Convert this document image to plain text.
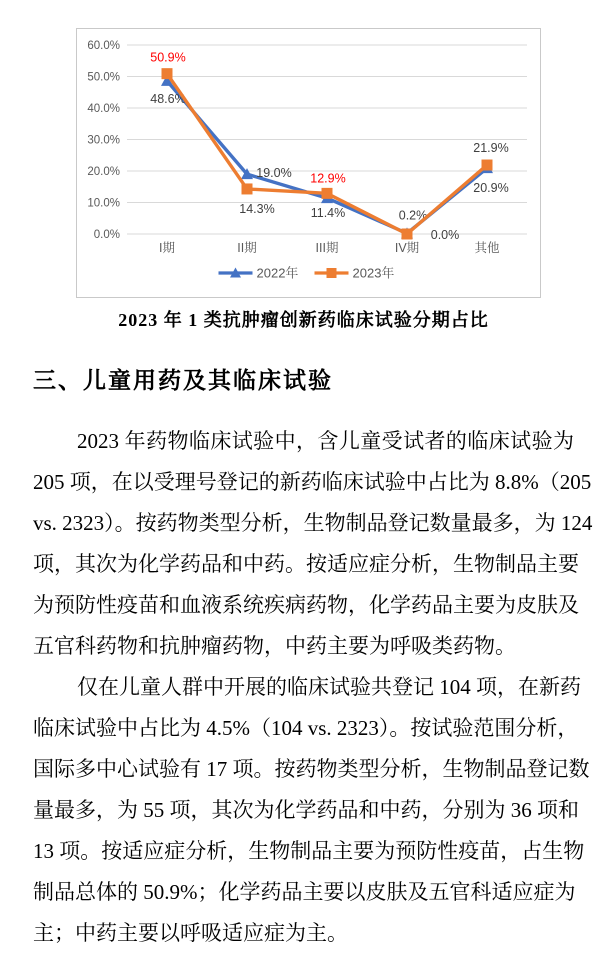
0.0%
10.0%
20.0%
30.0%
40.0%
50.0%
60.0%
I期	II期	III期	IV期	其他
48.6%
19.0%
11.4%	0.2%
20.9%
50.9%
14.3%
12.9%
0.0%
21.9%
2022年	2023年
2023 年 1 类抗肿瘤创新药临床试验分期占比
三、儿童用药及其临床试验
2023 年药物临床试验中，含儿童受试者的临床试验为
205 项，在以受理号登记的新药临床试验中占比为 8.8%（205
vs. 2323）。按药物类型分析，生物制品登记数量最多，为 124
项，其次为化学药品和中药。按适应症分析，生物制品主要
为预防性疫苗和血液系统疾病药物，化学药品主要为皮肤及
五官科药物和抗肿瘤药物，中药主要为呼吸类药物。
仅在儿童人群中开展的临床试验共登记 104 项，在新药
临床试验中占比为 4.5%（104 vs. 2323）。按试验范围分析，
国际多中心试验有 17 项。按药物类型分析，生物制品登记数
量最多，为 55 项，其次为化学药品和中药，分别为 36 项和
13 项。按适应症分析，生物制品主要为预防性疫苗，占生物
制品总体的 50.9%；化学药品主要以皮肤及五官科适应症为
主；中药主要以呼吸适应症为主。
